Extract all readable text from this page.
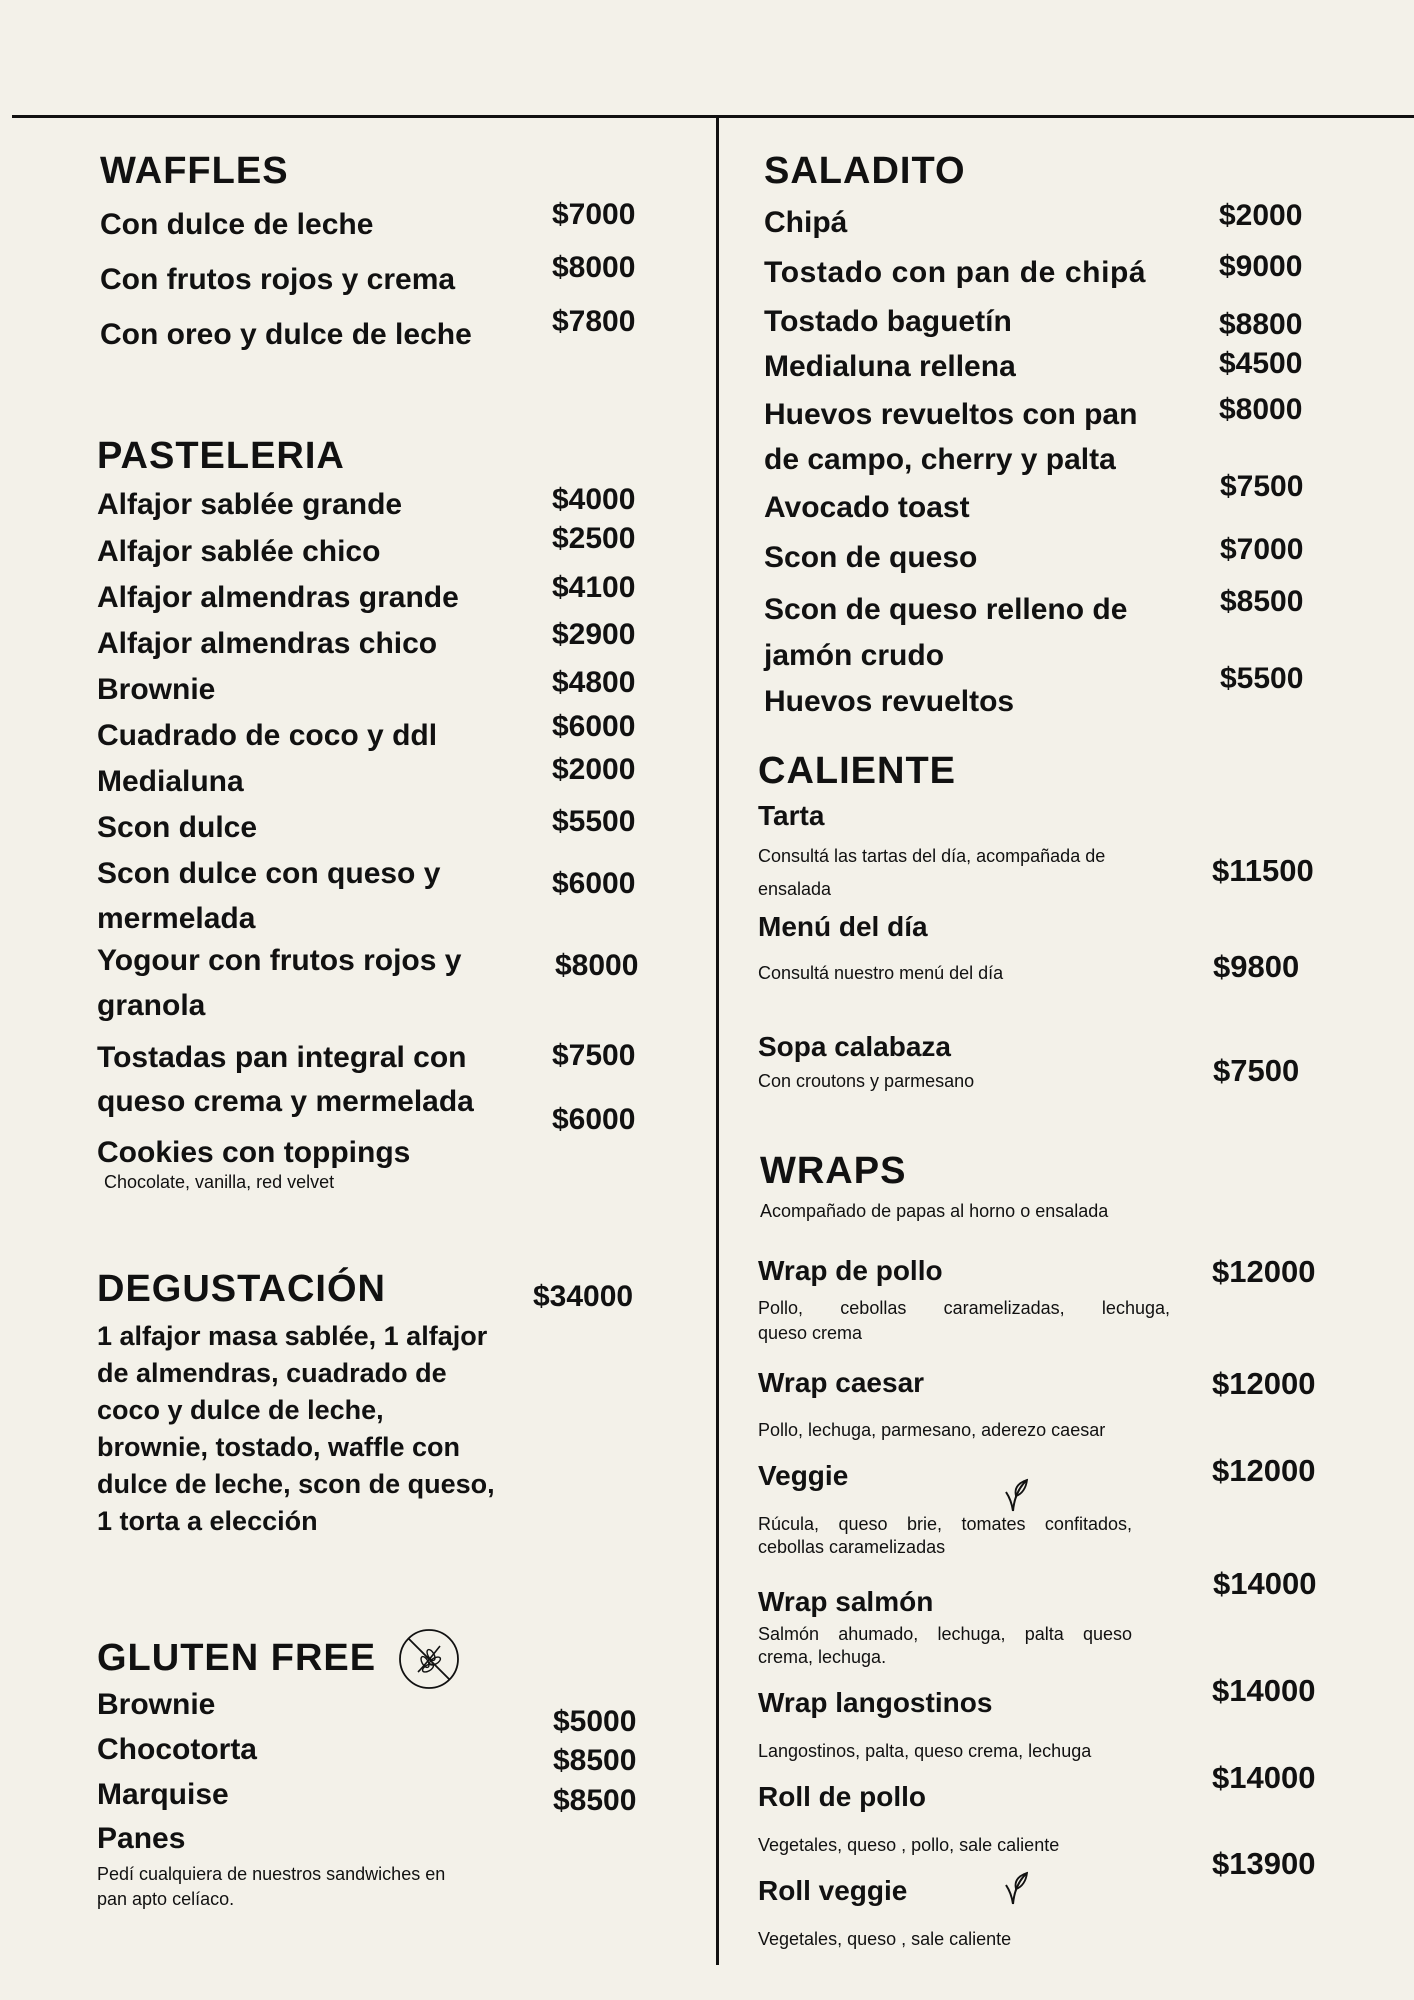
WAFFLES
Con dulce de leche	$7000
Con frutos rojos y crema	$8000
Con oreo y dulce de leche	$7800
PASTELERIA
Alfajor sablée grande	$4000
Alfajor sablée chico	$2500
Alfajor almendras grande	$4100
Alfajor almendras chico	$2900
Brownie	$4800
Cuadrado de coco y ddl	$6000
Medialuna	$2000
Scon dulce	$5500
Scon dulce con queso y
mermelada
$6000
Yogour con frutos rojos y
granola
$8000
Tostadas pan integral con
queso crema y mermelada
$7500
Cookies con toppings
Chocolate, vanilla, red velvet
$6000
DEGUSTACIÓN	$34000
1 alfajor masa sablée, 1 alfajor
de almendras, cuadrado de
coco y dulce de leche,
brownie, tostado, waffle con
dulce de leche, scon de queso,
1 torta a elección
GLUTEN FREE
Brownie
$5000
Chocotorta	$8500
Marquise	$8500
Panes
Pedí cualquiera de nuestros sandwiches en
pan apto celíaco.
SALADITO
Chipá	$2000
Tostado con pan de chipá $9000
Tostado baguetín	$8800
Medialuna rellena	$4500
Huevos revueltos con pan
de campo, cherry y palta
$8000
Avocado toast
$7500
Scon de queso	$7000
Scon de queso relleno de
jamón crudo
$8500
Huevos revueltos
$5500
CALIENTE
Tarta
Consultá las tartas del día, acompañada de
ensalada
$11500
Menú del día
Consultá nuestro menú del día	$9800
Sopa calabaza
Con croutons y parmesano	$7500
WRAPS
Acompañado de papas al horno o ensalada
Wrap de pollo
Pollo, cebollas caramelizadas, lechuga,
queso crema
$12000
Wrap caesar
Pollo, lechuga, parmesano, aderezo caesar
$12000
Veggie
Rúcula, queso brie, tomates confitados,
cebollas caramelizadas
$12000
Wrap salmón
Salmón ahumado, lechuga, palta queso
crema, lechuga.
$14000
Wrap langostinos
Langostinos, palta, queso crema, lechuga
$14000
Roll de pollo
Vegetales, queso , pollo, sale caliente
$14000
Roll veggie
Vegetales, queso , sale caliente
$13900
